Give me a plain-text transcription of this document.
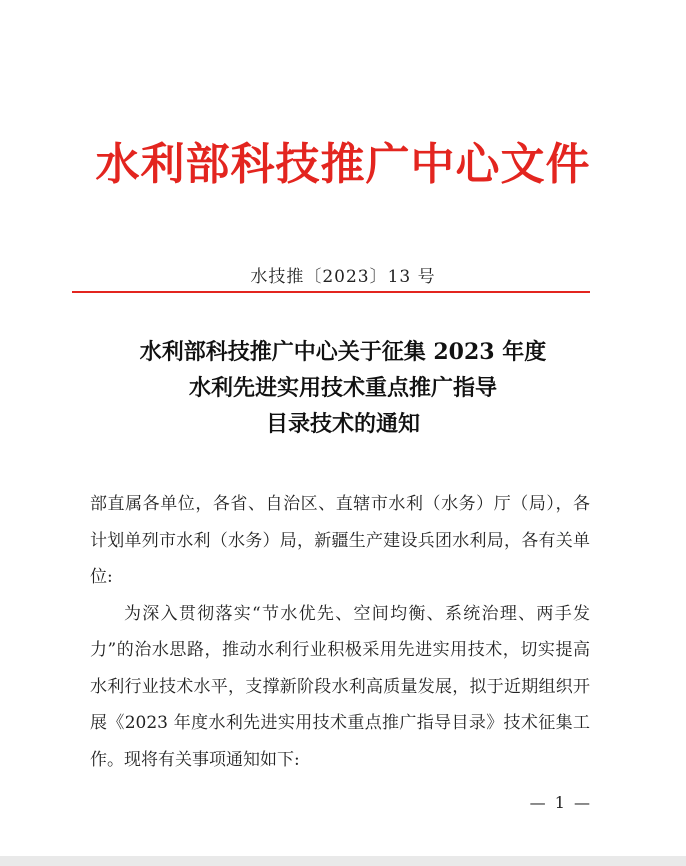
水利部科技推广中心文件
水技推〔2023〕13 号
水利部科技推广中心关于征集 2023 年度
水利先进实用技术重点推广指导
目录技术的通知

部直属各单位，各省、自治区、直辖市水利（水务）厅（局），各计划单列市水利（水务）局，新疆生产建设兵团水利局，各有关单位:

为深入贯彻落实“节水优先、空间均衡、系统治理、两手发力”的治水思路，推动水利行业积极采用先进实用技术，切实提高水利行业技术水平，支撑新阶段水利高质量发展，拟于近期组织开展《2023 年度水利先进实用技术重点推广指导目录》技术征集工作。现将有关事项通知如下:

— 1 —
